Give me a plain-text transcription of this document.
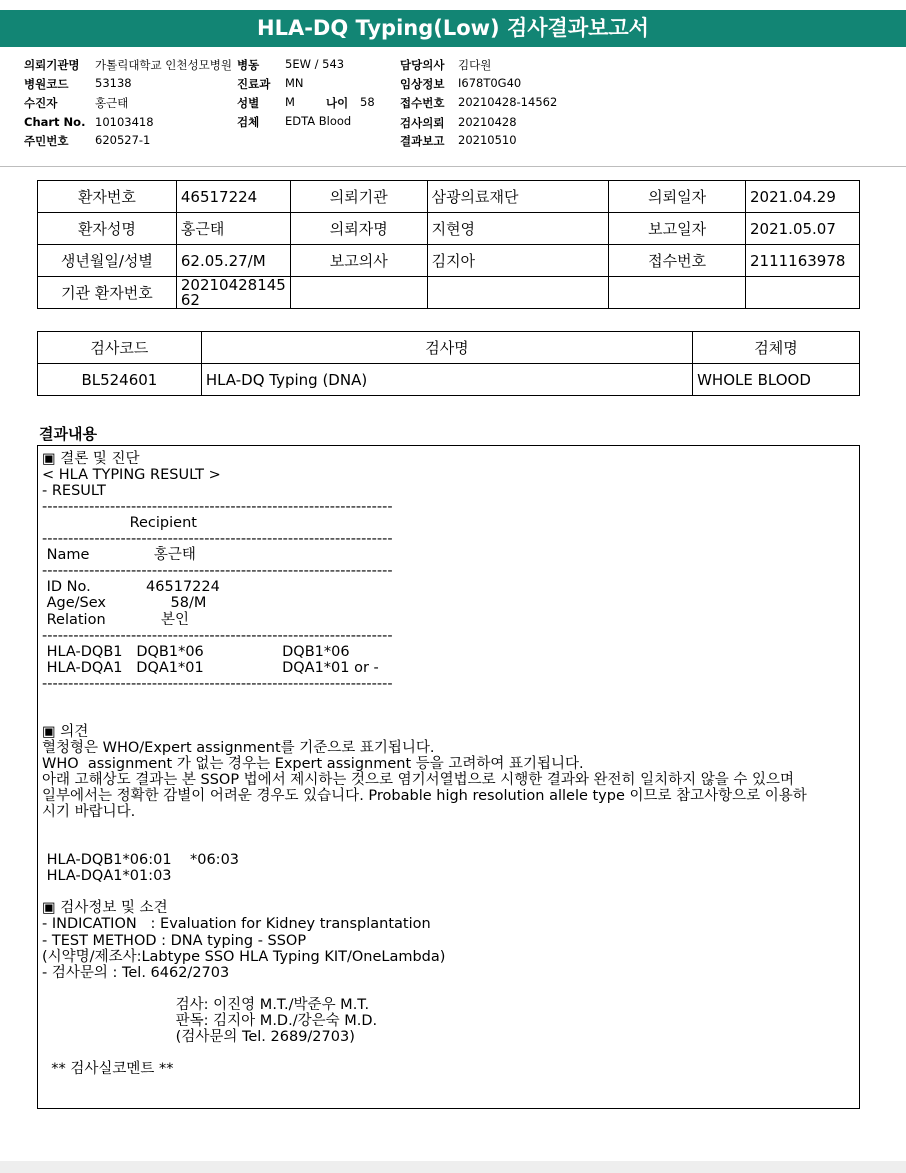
HLA-DQ Typing(Low) 검사결과보고서
의뢰기관명 가톨릭대학교 인천성모병원 병동 5EW / 543	담당의사 김다원
병원코드 53138	진료과 MN	임상정보 I678T0G40
수진자	홍근태	성별 M	나이 58 접수번호 20210428-14562
Chart No. 10103418	검체 EDTA Blood	검사의뢰 20210428
주민번호 620527-1	결과보고 20210510
환자번호	46517224	의뢰기관	삼광의료재단	의뢰일자	2021.04.29
환자성명	홍근태	의뢰자명	지현영	보고일자	2021.05.07
생년월일/성별	62.05.27/M	보고의사	김지아	접수번호	2111163978
기관 환자번호	20210428145
62				

검사코드	검사명	검체명
BL524601	HLA-DQ Typing (DNA)	WHOLE BLOOD
결과내용
▣ 결론 및 진단
< HLA TYPING RESULT >
- RESULT
-------------------------------------------------------------------
Recipient
-------------------------------------------------------------------
Name              홍근태
-------------------------------------------------------------------
ID No.            46517224
Age/Sex              58/M
Relation            본인
-------------------------------------------------------------------
HLA-DQB1   DQB1*06                 DQB1*06
HLA-DQA1   DQA1*01                 DQA1*01 or -
-------------------------------------------------------------------
▣ 의견
혈청형은 WHO/Expert assignment를 기준으로 표기됩니다.
WHO  assignment 가 없는 경우는 Expert assignment 등을 고려하여 표기됩니다.
아래 고해상도 결과는 본 SSOP 법에서 제시하는 것으로 염기서열법으로 시행한 결과와 완전히 일치하지 않을 수 있으며
일부에서는 정확한 감별이 어려운 경우도 있습니다. Probable high resolution allele type 이므로 참고사항으로 이용하
시기 바랍니다.
HLA-DQB1*06:01    *06:03
HLA-DQA1*01:03
▣ 검사정보 및 소견
- INDICATION   : Evaluation for Kidney transplantation
- TEST METHOD : DNA typing - SSOP
(시약명/제조사:Labtype SSO HLA Typing KIT/OneLambda)
- 검사문의 : Tel. 6462/2703
검사: 이진영 M.T./박준우 M.T.
판독: 김지아 M.D./강은숙 M.D.
(검사문의 Tel. 2689/2703)
** 검사실코멘트 **
